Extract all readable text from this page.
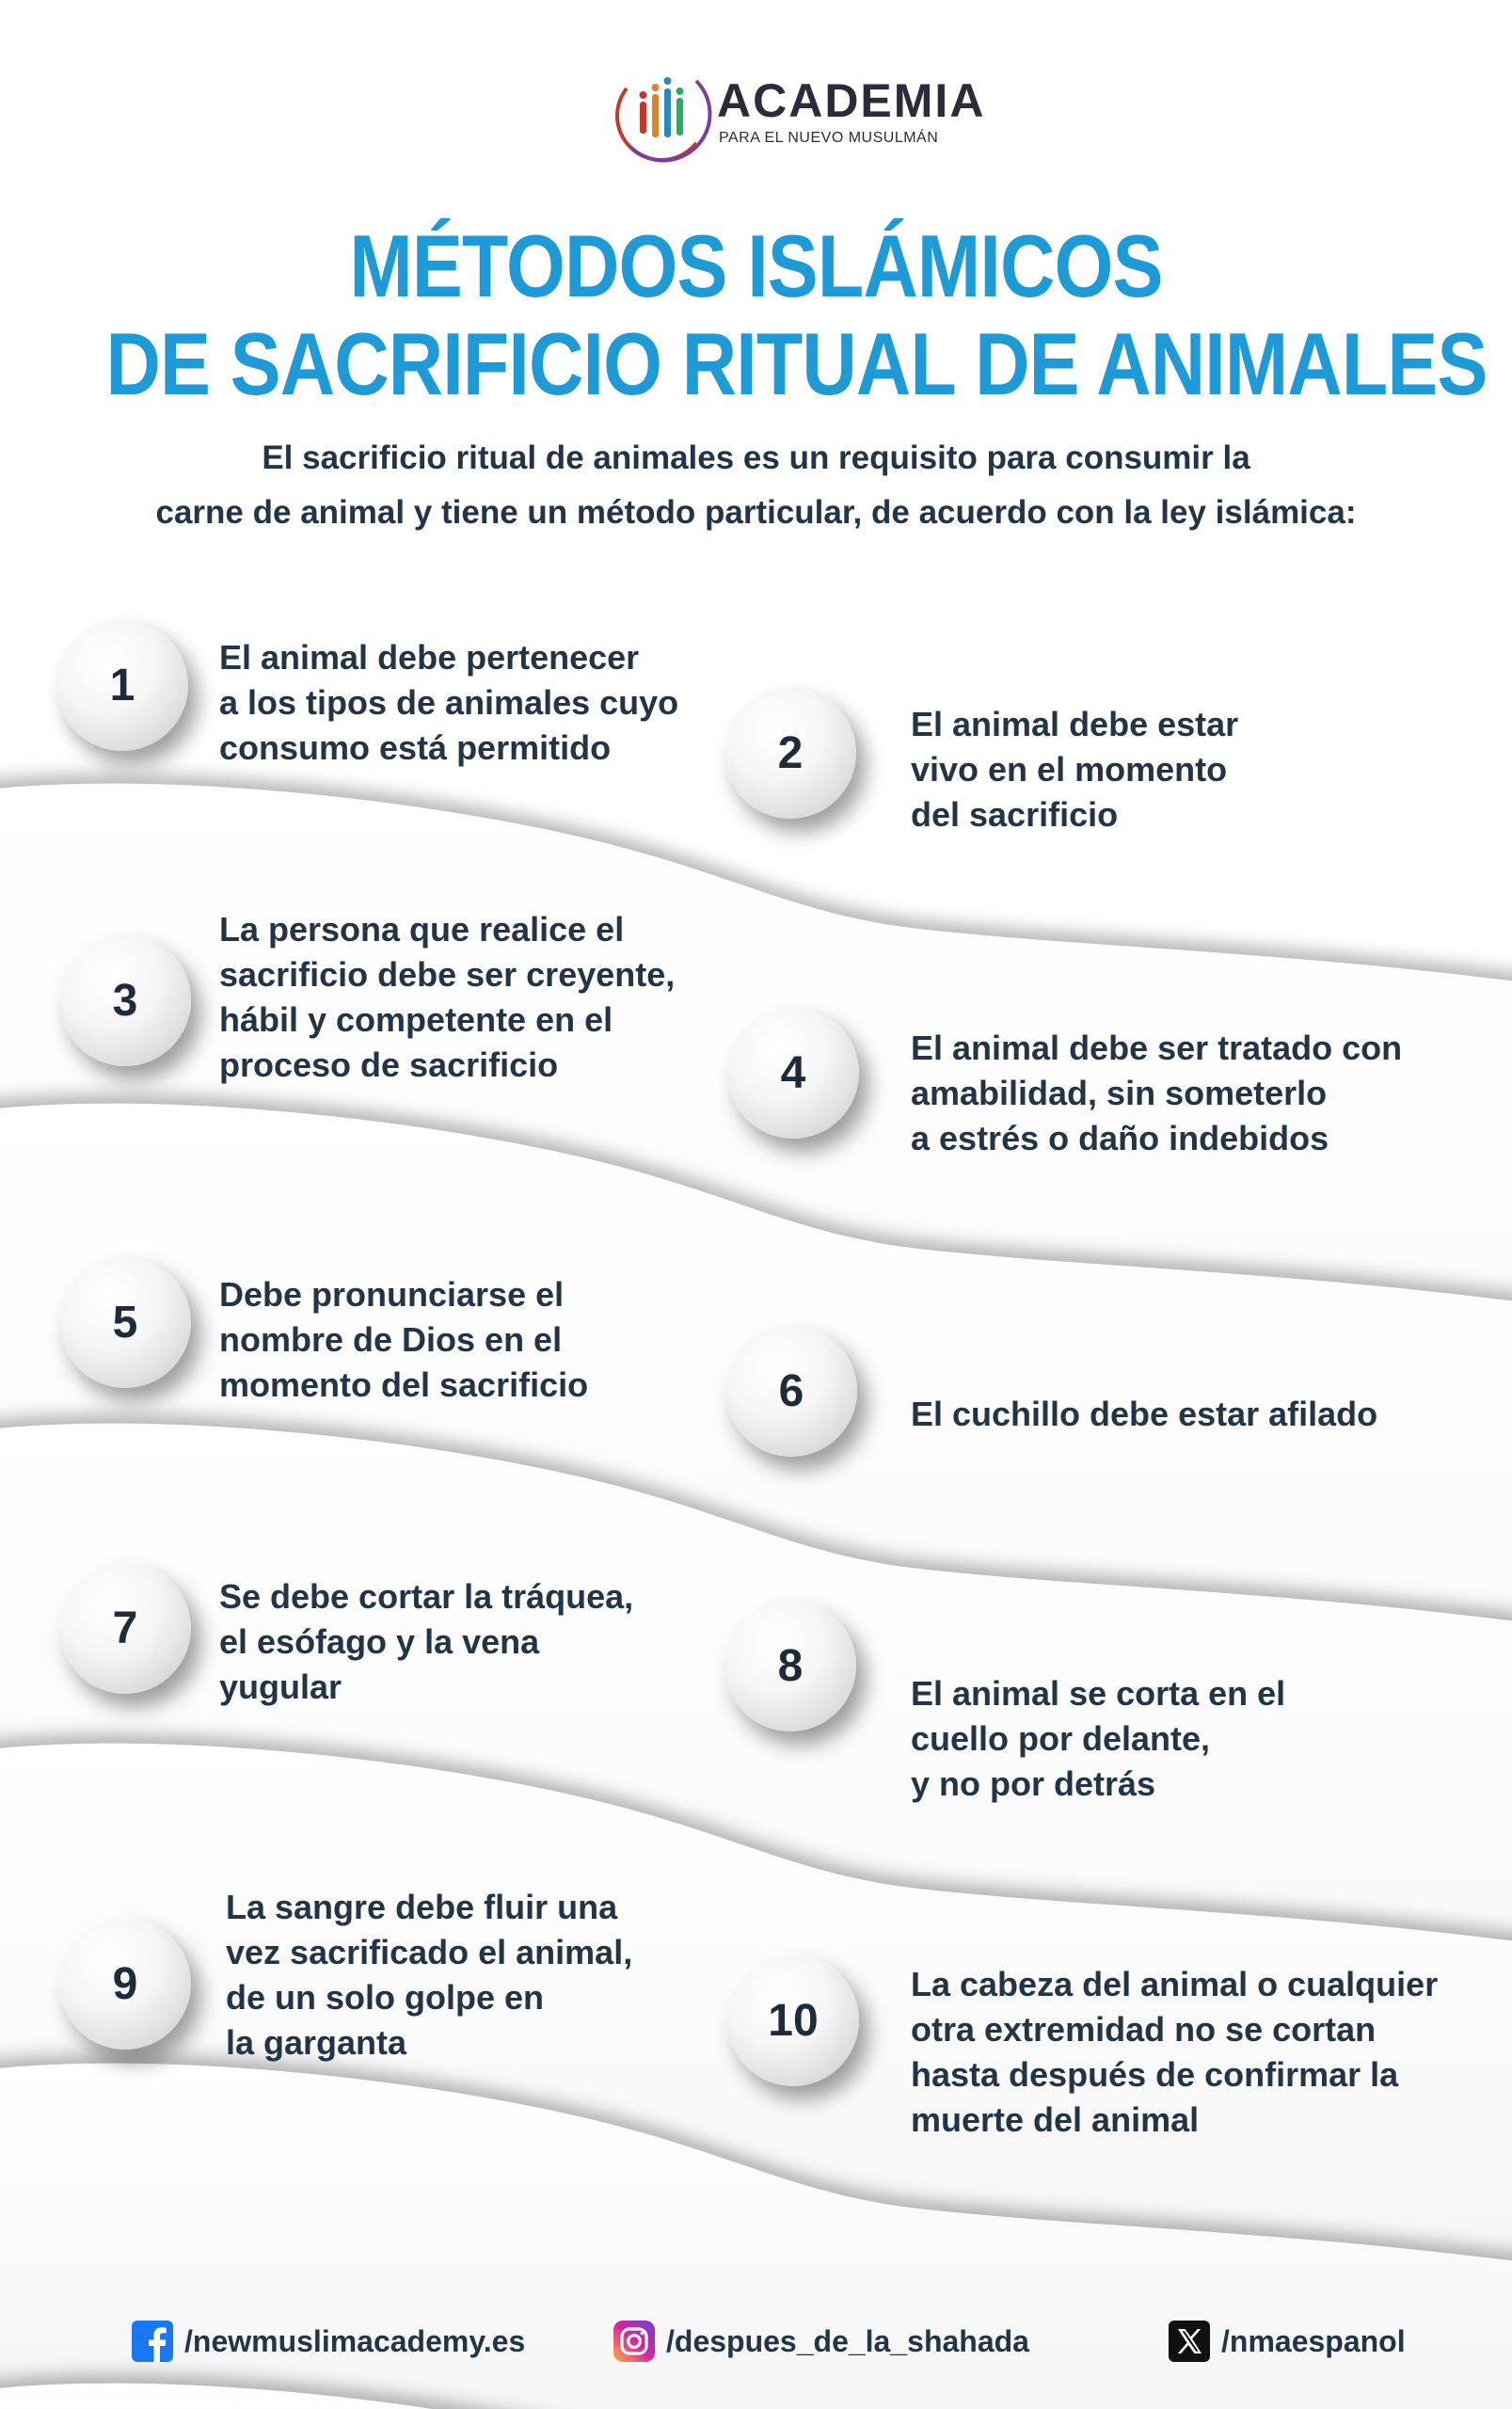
ACADEMIA
PARA EL NUEVO MUSULMÁN
MÉTODOS ISLÁMICOS
DE SACRIFICIO RITUAL DE ANIMALES
El sacrificio ritual de animales es un requisito para consumir la
carne de animal y tiene un método particular, de acuerdo con la ley islámica:
1
El animal debe pertenecer
a los tipos de animales cuyo
consumo está permitido	2
El animal debe estar
vivo en el momento
del sacrificio
3
La persona que realice el
sacrificio debe ser creyente,
hábil y competente en el
proceso de sacrificio	4	El animal debe ser tratado con
amabilidad, sin someterlo
a estrés o daño indebidos
5
Debe pronunciarse el
nombre de Dios en el
momento del sacrificio	6	El cuchillo debe estar afilado
7
Se debe cortar la tráquea,
el esófago y la vena
yugular	8
El animal se corta en el
cuello por delante,
y no por detrás
9
La sangre debe fluir una
vez sacrificado el animal,
de un solo golpe en
la garganta	10
La cabeza del animal o cualquier
otra extremidad no se cortan
hasta después de confirmar la
muerte del animal
/newmuslimacademy.es	/despues_de_la_shahada	/nmaespanol
